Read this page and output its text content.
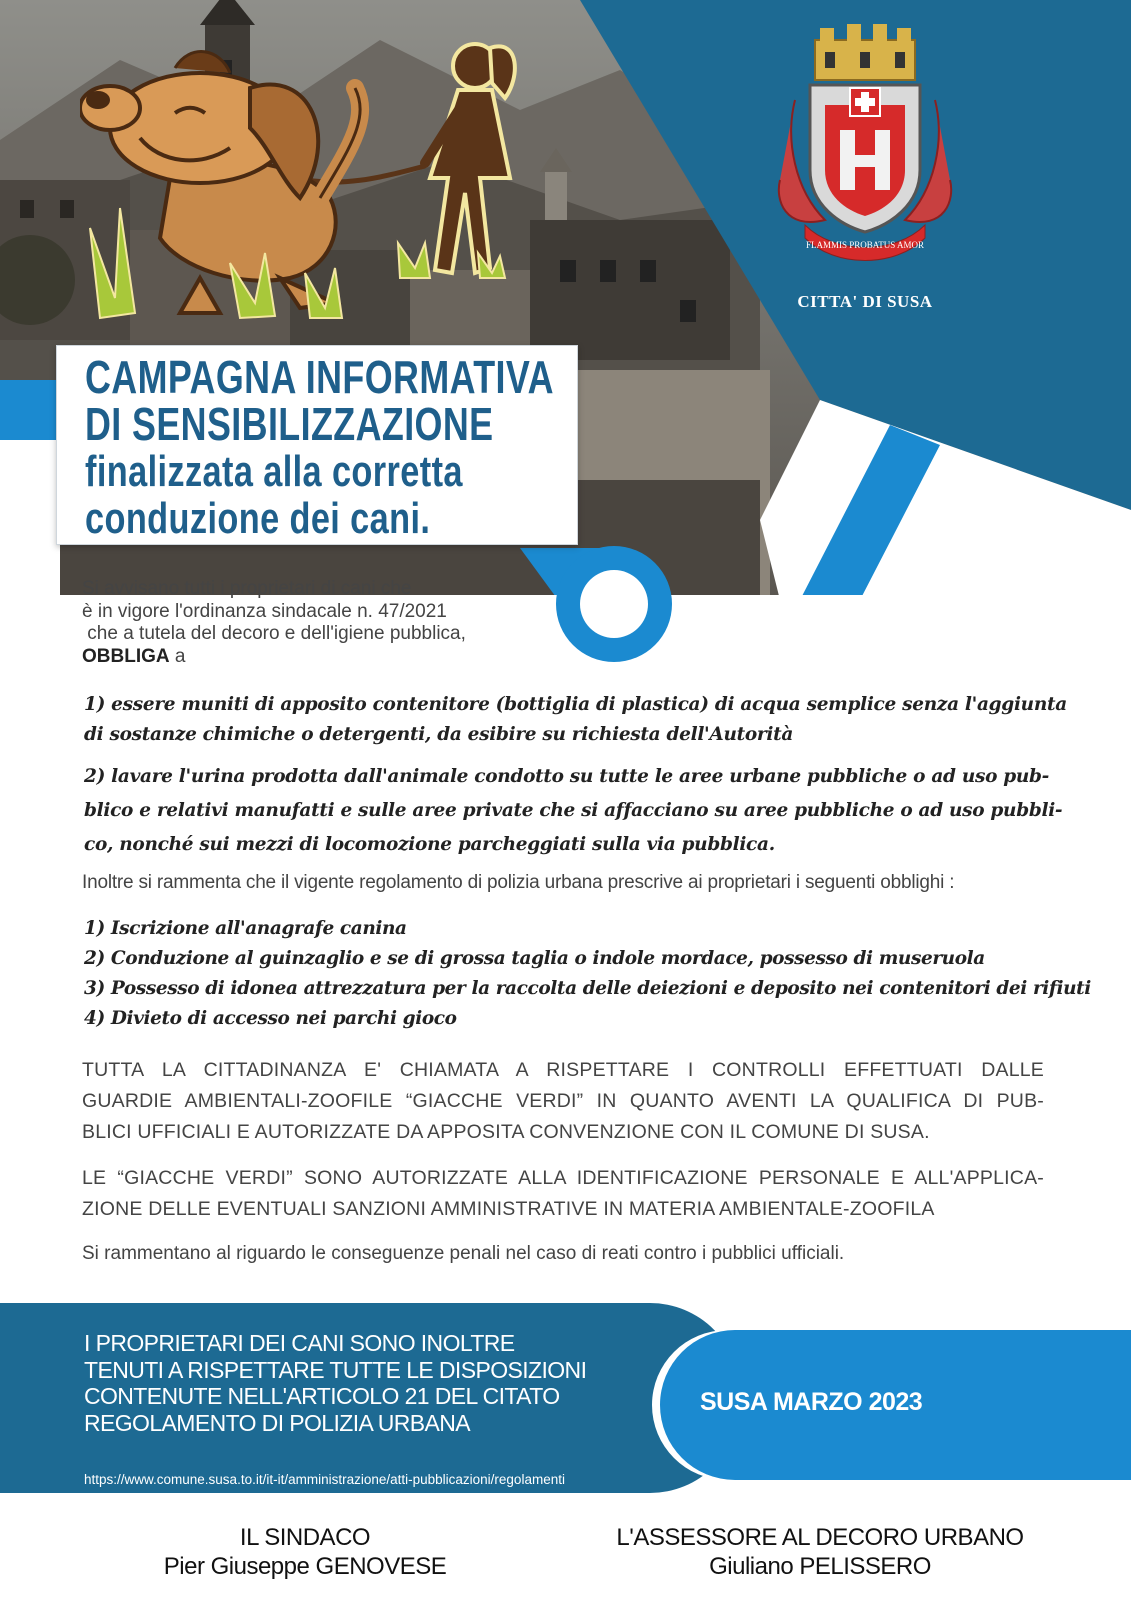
FLAMMIS PROBATUS AMOR
CITTA' DI SUSA
CAMPAGNA INFORMATIVA
DI SENSIBILIZZAZIONE
finalizzata alla corretta
conduzione dei cani.
Si avvisano tutti i proprietari di cani che
è in vigore l'ordinanza sindacale n. 47/2021
che a tutela del decoro e dell'igiene pubblica,
OBBLIGA a
1) essere muniti di apposito contenitore (bottiglia di plastica) di acqua semplice senza l'aggiunta
di sostanze chimiche o detergenti, da esibire su richiesta dell'Autorità
2) lavare l'urina prodotta dall'animale condotto su tutte le aree urbane pubbliche o ad uso pub-
blico e relativi manufatti e sulle aree private che si affacciano su aree pubbliche o ad uso pubbli-
co, nonché sui mezzi di locomozione parcheggiati sulla via pubblica.
Inoltre si rammenta che il vigente regolamento di polizia urbana prescrive ai proprietari i seguenti obblighi :
1) Iscrizione all'anagrafe canina
2) Conduzione al guinzaglio e se di grossa taglia o indole mordace, possesso di museruola
3) Possesso di idonea attrezzatura per la raccolta delle deiezioni e deposito nei contenitori dei rifiuti
4) Divieto di accesso nei parchi gioco
TUTTA LA CITTADINANZA E' CHIAMATA A RISPETTARE I CONTROLLI EFFETTUATI DALLE
GUARDIE AMBIENTALI-ZOOFILE “GIACCHE VERDI” IN QUANTO AVENTI LA QUALIFICA DI PUB-
BLICI UFFICIALI E AUTORIZZATE DA APPOSITA CONVENZIONE CON IL COMUNE DI SUSA.
LE “GIACCHE VERDI” SONO AUTORIZZATE ALLA IDENTIFICAZIONE PERSONALE E ALL'APPLICA-
ZIONE DELLE EVENTUALI SANZIONI AMMINISTRATIVE IN MATERIA AMBIENTALE-ZOOFILA
Si rammentano al riguardo le conseguenze penali nel caso di reati contro i pubblici ufficiali.
I PROPRIETARI DEI CANI SONO INOLTRE
TENUTI A RISPETTARE TUTTE LE DISPOSIZIONI
CONTENUTE NELL'ARTICOLO 21 DEL CITATO
REGOLAMENTO DI POLIZIA URBANA
https://www.comune.susa.to.it/it-it/amministrazione/atti-pubblicazioni/regolamenti
SUSA MARZO 2023
IL SINDACO
Pier Giuseppe GENOVESE
L'ASSESSORE AL DECORO URBANO
Giuliano PELISSERO
